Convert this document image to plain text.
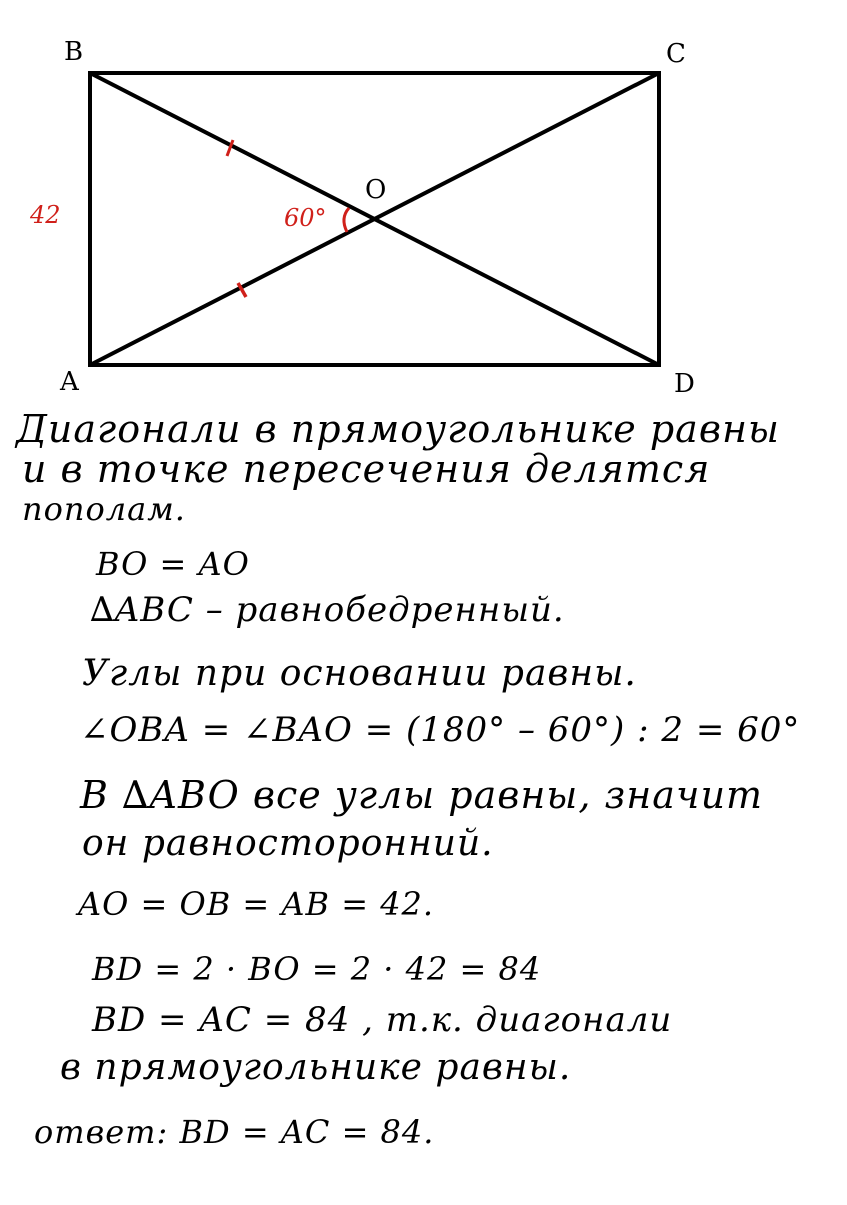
B	C
A	D
O
42	60°
Диагонали в прямоугольнике равны
и в точке пересечения делятся
пополам.
BO = AO
∆ABC – равнобедренный.
Углы при основании равны.
∠OBA = ∠BAO = (180° – 60°) : 2 = 60°
В ∆ABO все углы равны, значит
он равносторонний.
AO = OB = AB = 42.
BD = 2 · BO = 2 · 42 = 84
BD = AC = 84 , т.к. диагонали
в прямоугольнике равны.
ответ: BD = AC = 84.
